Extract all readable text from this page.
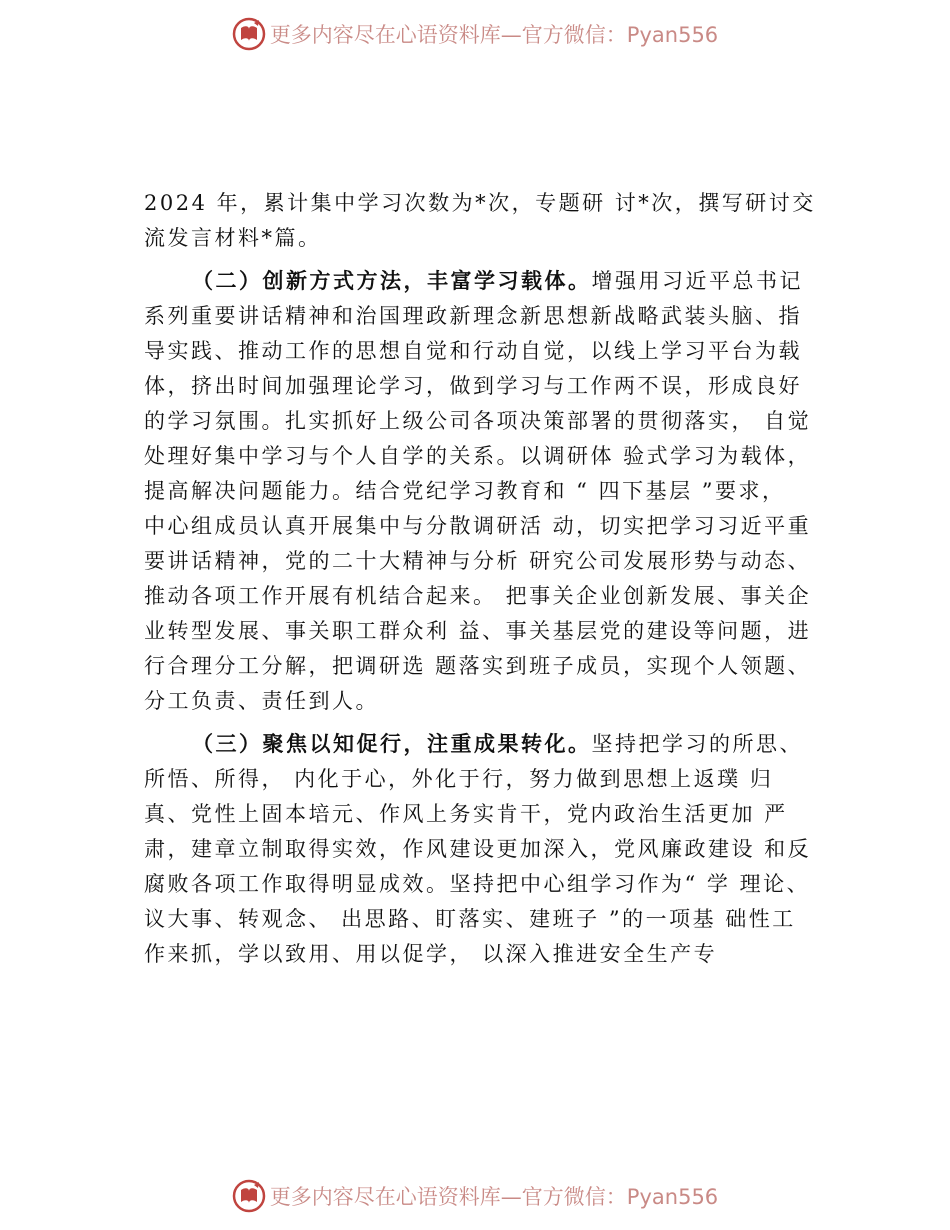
更多内容尽在心语资料库—官方微信：Pyan556

2024 年，累计集中学习次数为*次，专题研 讨*次，撰写研讨交流发言材料*篇。

（二）创新方式方法，丰富学习载体。增强用习近平总书记系列重要讲话精神和治国理政新理念新思想新战略武装头脑、指导实践、推动工作的思想自觉和行动自觉，以线上学习平台为载体，挤出时间加强理论学习，做到学习与工作两不误，形成良好的学习氛围。扎实抓好上级公司各项决策部署的贯彻落实， 自觉处理好集中学习与个人自学的关系。以调研体 验式学习为载体，提高解决问题能力。结合党纪学习教育和 “ 四下基层 ”要求， 中心组成员认真开展集中与分散调研活 动，切实把学习习近平重要讲话精神，党的二十大精神与分析 研究公司发展形势与动态、推动各项工作开展有机结合起来。 把事关企业创新发展、事关企业转型发展、事关职工群众利 益、事关基层党的建设等问题，进行合理分工分解，把调研选 题落实到班子成员，实现个人领题、分工负责、责任到人。

（三）聚焦以知促行，注重成果转化。坚持把学习的所思、所悟、所得， 内化于心，外化于行，努力做到思想上返璞 归真、党性上固本培元、作风上务实肯干，党内政治生活更加 严肃，建章立制取得实效，作风建设更加深入，党风廉政建设 和反腐败各项工作取得明显成效。坚持把中心组学习作为“ 学 理论、议大事、转观念、 出思路、盯落实、建班子 ”的一项基 础性工作来抓，学以致用、用以促学， 以深入推进安全生产专

更多内容尽在心语资料库—官方微信：Pyan556
